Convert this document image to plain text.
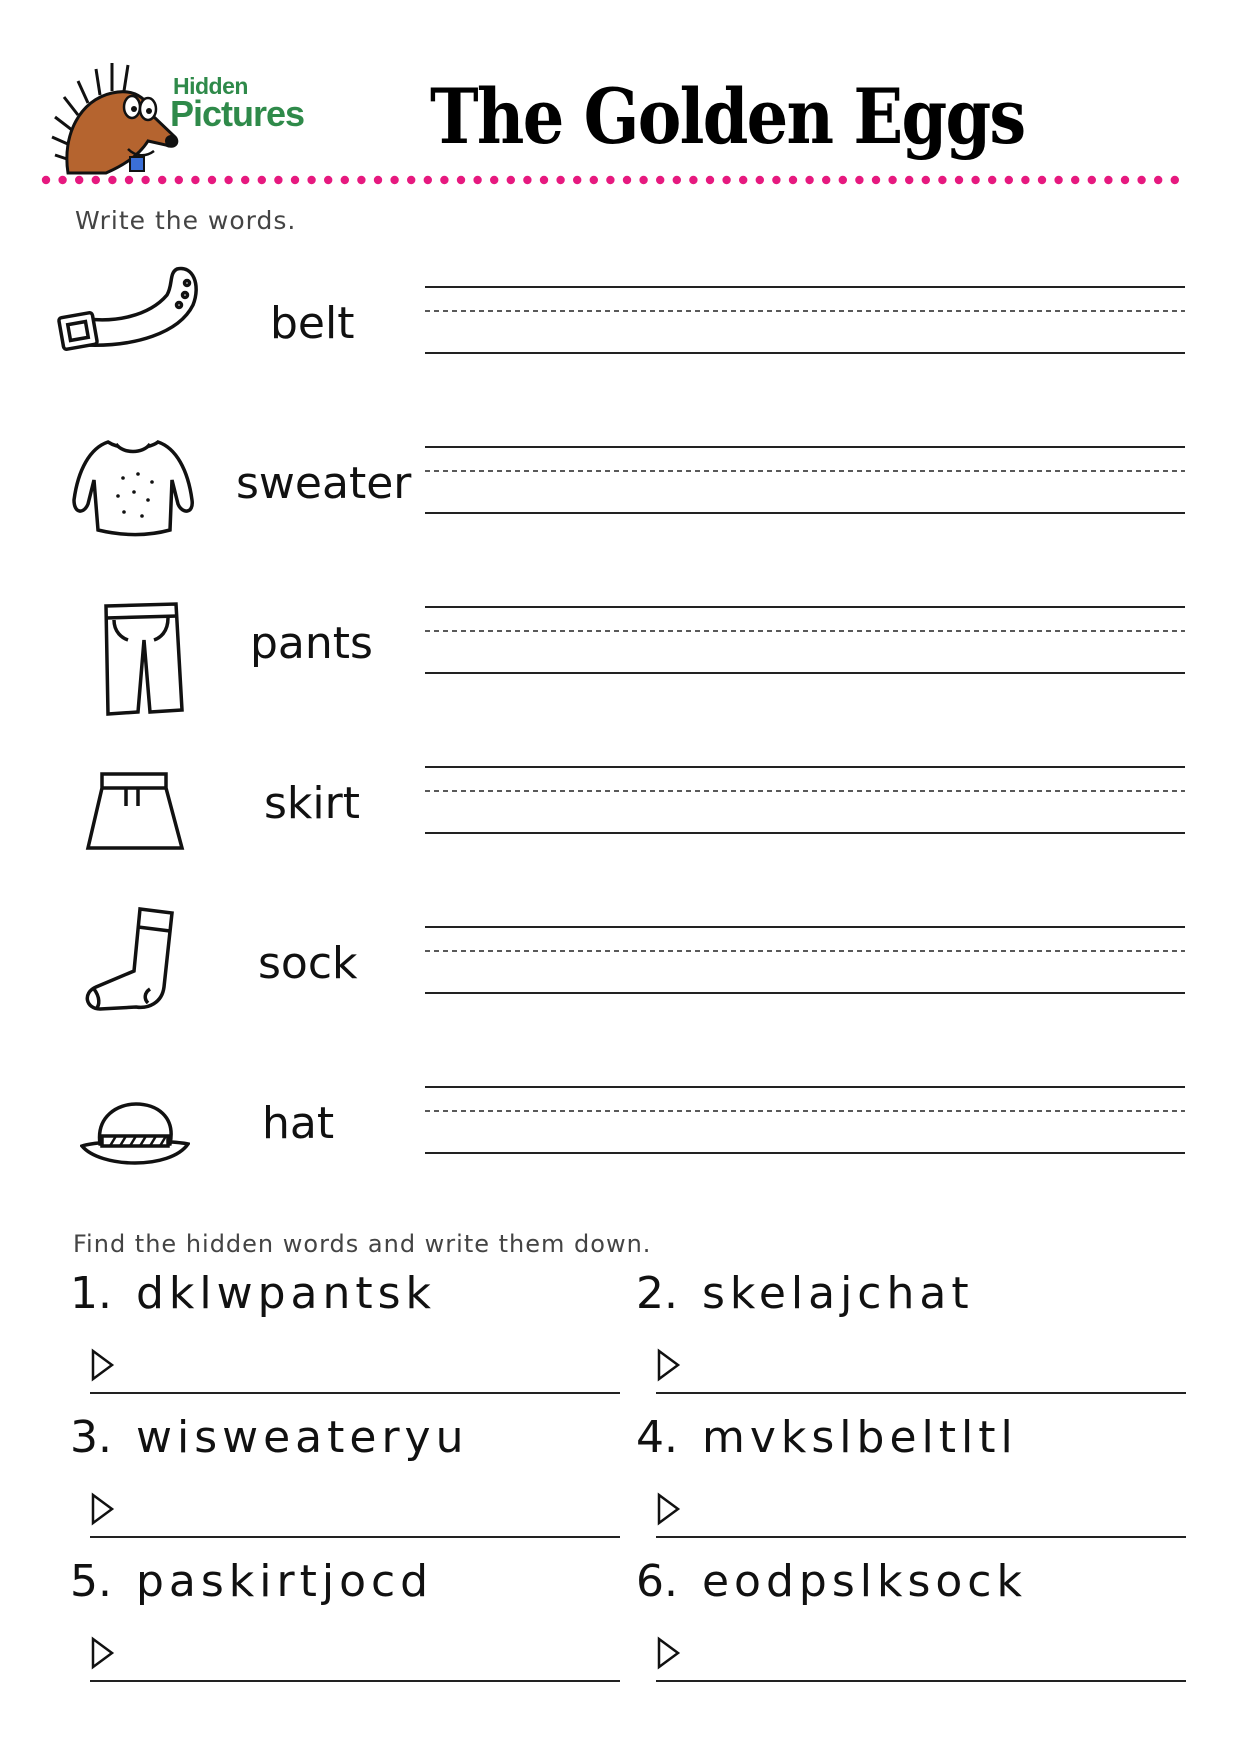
Hidden
Pictures The Golden Eggs
Write the words.
belt
sweater
pants
skirt
sock
hat
Find the hidden words and write them down.
1. dklwpantsk	2. skelajchat
3. wisweateryu	4. mvkslbeltltl
5. paskirtjocd	6. eodpslksock
